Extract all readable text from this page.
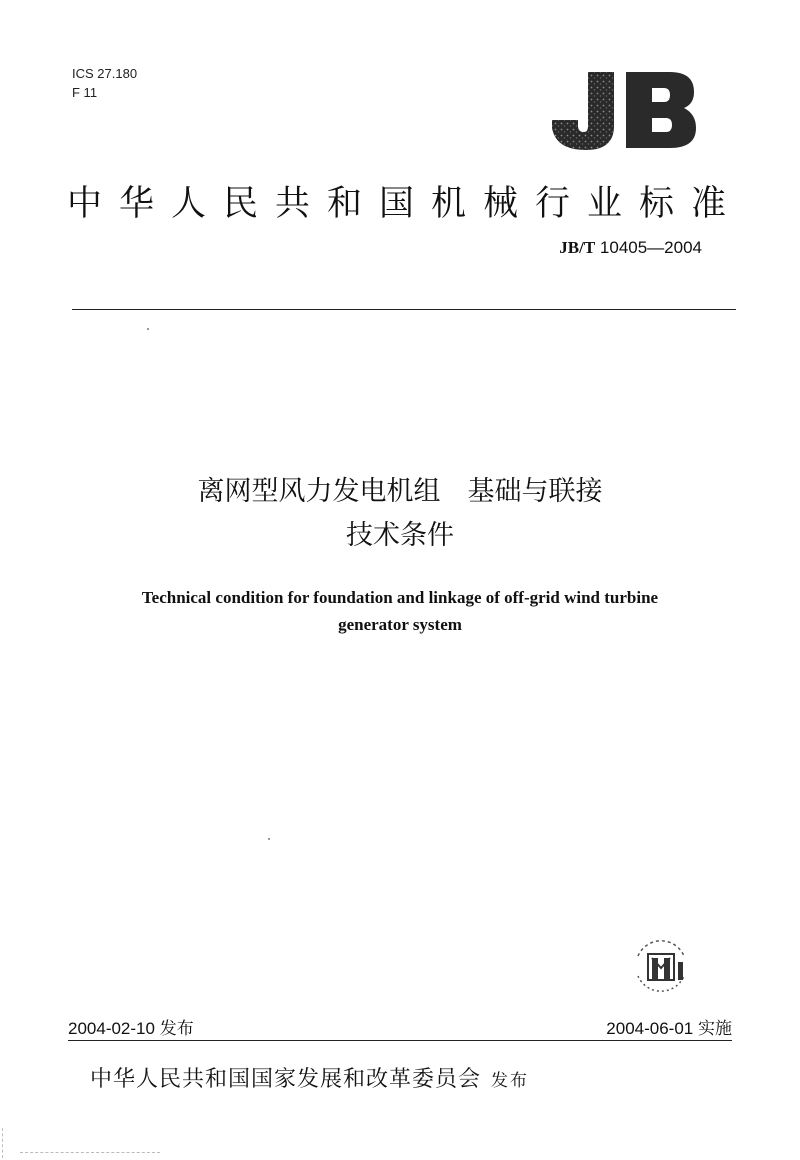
ICS 27.180
F 11
中华人民共和国机械行业标准
JB/T 10405—2004
离网型风力发电机组　基础与联接
技术条件
Technical condition for foundation and linkage of off-grid wind turbine
generator system
2004-02-10 发布	2004-06-01 实施
中华人民共和国国家发展和改革委员会 发布
